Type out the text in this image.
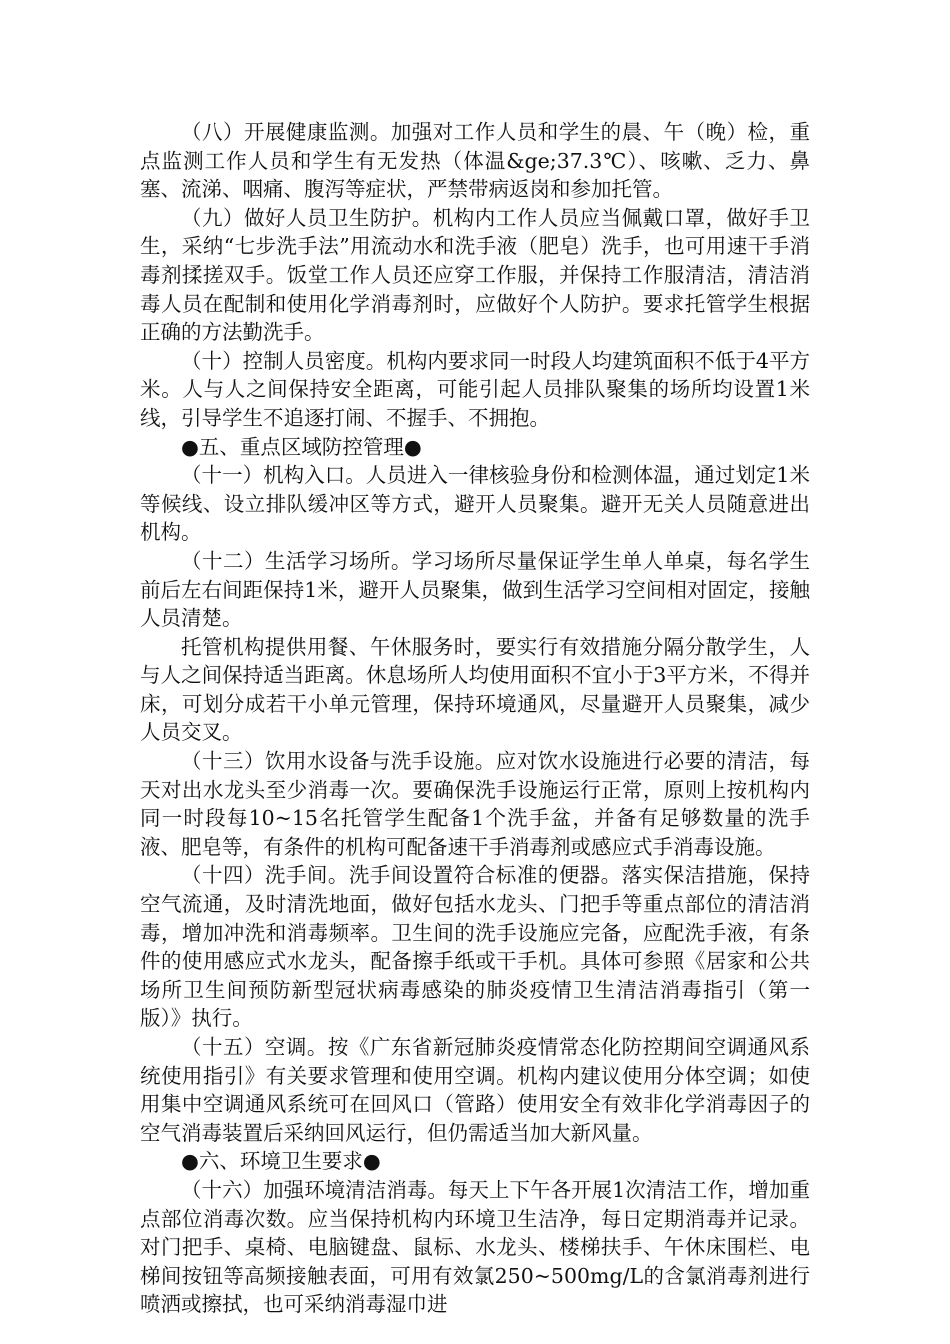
（八）开展健康监测。加强对工作人员和学生的晨、午（晚）检，重点监测工作人员和学生有无发热（体温&ge;37.3℃）、咳嗽、乏力、鼻塞、流涕、咽痛、腹泻等症状，严禁带病返岗和参加托管。

（九）做好人员卫生防护。机构内工作人员应当佩戴口罩，做好手卫生，采纳“七步洗手法”用流动水和洗手液（肥皂）洗手，也可用速干手消毒剂揉搓双手。饭堂工作人员还应穿工作服，并保持工作服清洁，清洁消毒人员在配制和使用化学消毒剂时，应做好个人防护。要求托管学生根据正确的方法勤洗手。

（十）控制人员密度。机构内要求同一时段人均建筑面积不低于4平方米。人与人之间保持安全距离，可能引起人员排队聚集的场所均设置1米线，引导学生不追逐打闹、不握手、不拥抱。

●五、重点区域防控管理●

（十一）机构入口。人员进入一律核验身份和检测体温，通过划定1米等候线、设立排队缓冲区等方式，避开人员聚集。避开无关人员随意进出机构。

（十二）生活学习场所。学习场所尽量保证学生单人单桌，每名学生前后左右间距保持1米，避开人员聚集，做到生活学习空间相对固定，接触人员清楚。

托管机构提供用餐、午休服务时，要实行有效措施分隔分散学生，人与人之间保持适当距离。休息场所人均使用面积不宜小于3平方米，不得并床，可划分成若干小单元管理，保持环境通风，尽量避开人员聚集，减少人员交叉。

（十三）饮用水设备与洗手设施。应对饮水设施进行必要的清洁，每天对出水龙头至少消毒一次。要确保洗手设施运行正常，原则上按机构内同一时段每10~15名托管学生配备1个洗手盆，并备有足够数量的洗手液、肥皂等，有条件的机构可配备速干手消毒剂或感应式手消毒设施。

（十四）洗手间。洗手间设置符合标准的便器。落实保洁措施，保持空气流通，及时清洗地面，做好包括水龙头、门把手等重点部位的清洁消毒，增加冲洗和消毒频率。卫生间的洗手设施应完备，应配洗手液，有条件的使用感应式水龙头，配备擦手纸或干手机。具体可参照《居家和公共场所卫生间预防新型冠状病毒感染的肺炎疫情卫生清洁消毒指引（第一版）》执行。

（十五）空调。按《广东省新冠肺炎疫情常态化防控期间空调通风系统使用指引》有关要求管理和使用空调。机构内建议使用分体空调；如使用集中空调通风系统可在回风口（管路）使用安全有效非化学消毒因子的空气消毒装置后采纳回风运行，但仍需适当加大新风量。

●六、环境卫生要求●

（十六）加强环境清洁消毒。每天上下午各开展1次清洁工作，增加重点部位消毒次数。应当保持机构内环境卫生洁净，每日定期消毒并记录。对门把手、桌椅、电脑键盘、鼠标、水龙头、楼梯扶手、午休床围栏、电梯间按钮等高频接触表面，可用有效氯250~500mg/L的含氯消毒剂进行喷洒或擦拭，也可采纳消毒湿巾进
